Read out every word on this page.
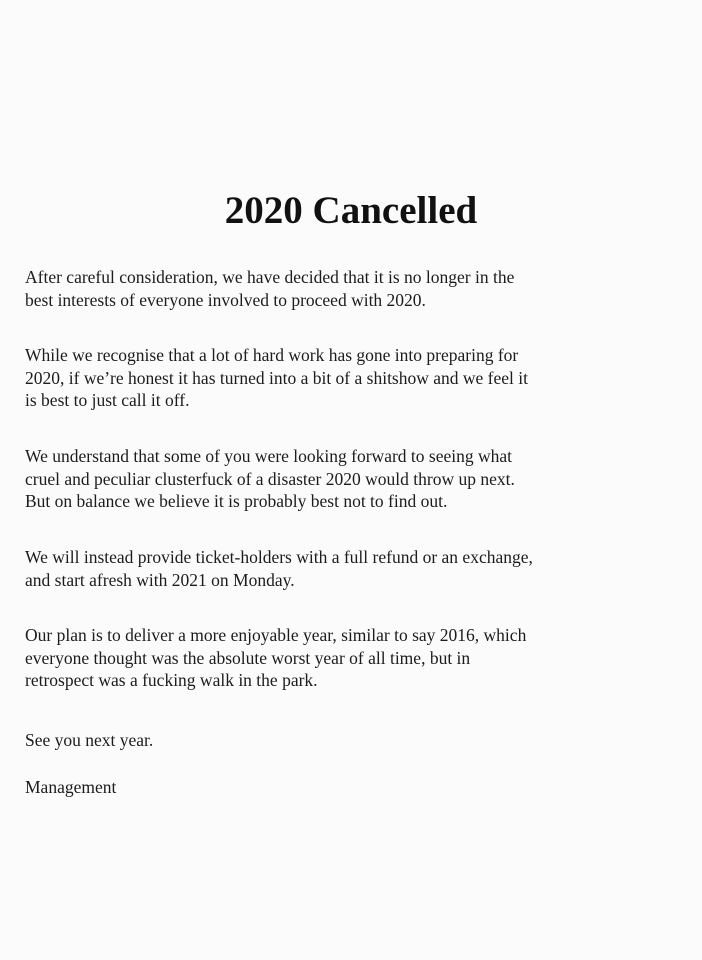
2020 Cancelled

After careful consideration, we have decided that it is no longer in the
best interests of everyone involved to proceed with 2020.

While we recognise that a lot of hard work has gone into preparing for
2020, if we’re honest it has turned into a bit of a shitshow and we feel it
is best to just call it off.

We understand that some of you were looking forward to seeing what
cruel and peculiar clusterfuck of a disaster 2020 would throw up next.
But on balance we believe it is probably best not to find out.

We will instead provide ticket-holders with a full refund or an exchange,
and start afresh with 2021 on Monday.

Our plan is to deliver a more enjoyable year, similar to say 2016, which
everyone thought was the absolute worst year of all time, but in
retrospect was a fucking walk in the park.

See you next year.

Management
